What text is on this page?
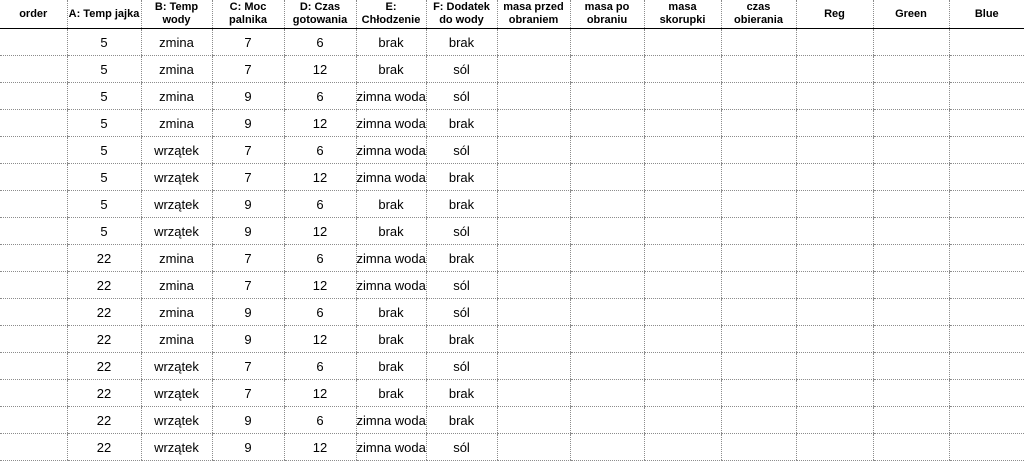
order	A: Temp jajka	B: Temp wody	C: Moc palnika	D: Czas gotowania	E: Chłodzenie	F: Dodatek do wody	masa przed obraniem	masa po obraniu	masa skorupki	czas obierania	Reg	Green	Blue

	5	zmina	7	6	brak	brak							
	5	zmina	7	12	brak	sól							
	5	zmina	9	6	zimna woda	sól							
	5	zmina	9	12	zimna woda	brak							
	5	wrzątek	7	6	zimna woda	sól							
	5	wrzątek	7	12	zimna woda	brak							
	5	wrzątek	9	6	brak	brak							
	5	wrzątek	9	12	brak	sól							
	22	zmina	7	6	zimna woda	brak							
	22	zmina	7	12	zimna woda	sól							
	22	zmina	9	6	brak	sól							
	22	zmina	9	12	brak	brak							
	22	wrzątek	7	6	brak	sól							
	22	wrzątek	7	12	brak	brak							
	22	wrzątek	9	6	zimna woda	brak							
	22	wrzątek	9	12	zimna woda	sól							
